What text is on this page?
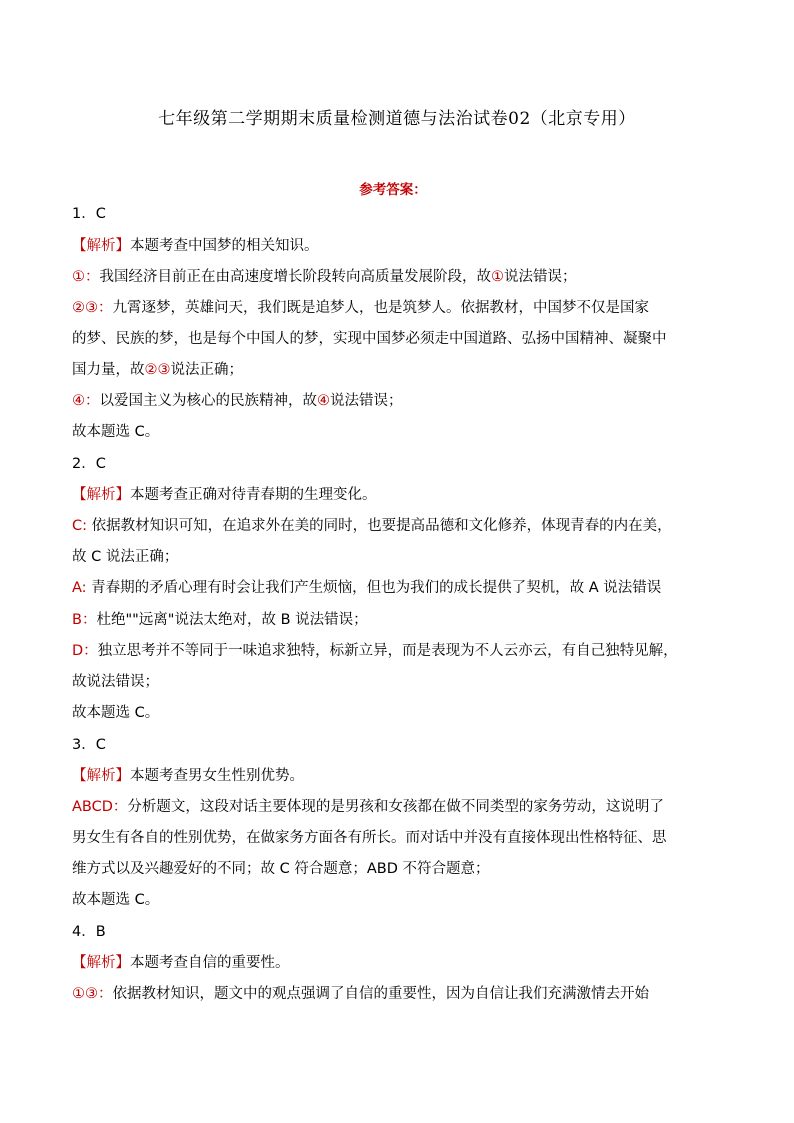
七年级第二学期期末质量检测道德与法治试卷02（北京专用）
参考答案：
1．C
【解析】本题考查中国梦的相关知识。
①：我国经济目前正在由高速度增长阶段转向高质量发展阶段，故①说法错误；
②③：九霄逐梦，英雄问天，我们既是追梦人，也是筑梦人。依据教材，中国梦不仅是国家
的梦、民族的梦，也是每个中国人的梦，实现中国梦必须走中国道路、弘扬中国精神、凝聚中
国力量，故②③说法正确；
④：以爱国主义为核心的民族精神，故④说法错误；
故本题选 C。
2．C
【解析】本题考查正确对待青春期的生理变化。
C: 依据教材知识可知，在追求外在美的同时，也要提高品德和文化修养，体现青春的内在美，
故 C 说法正确；
A: 青春期的矛盾心理有时会让我们产生烦恼，但也为我们的成长提供了契机，故 A 说法错误
B：杜绝""远离"说法太绝对，故 B 说法错误；
D：独立思考并不等同于一味追求独特，标新立异，而是表现为不人云亦云，有自己独特见解，
故说法错误；
故本题选 C。
3．C
【解析】本题考查男女生性别优势。
ABCD：分析题文，这段对话主要体现的是男孩和女孩都在做不同类型的家务劳动，这说明了
男女生有各自的性别优势，在做家务方面各有所长。而对话中并没有直接体现出性格特征、思
维方式以及兴趣爱好的不同；故 C 符合题意；ABD 不符合题意；
故本题选 C。
4．B
【解析】本题考查自信的重要性。
①③：依据教材知识，题文中的观点强调了自信的重要性，因为自信让我们充满激情去开始
